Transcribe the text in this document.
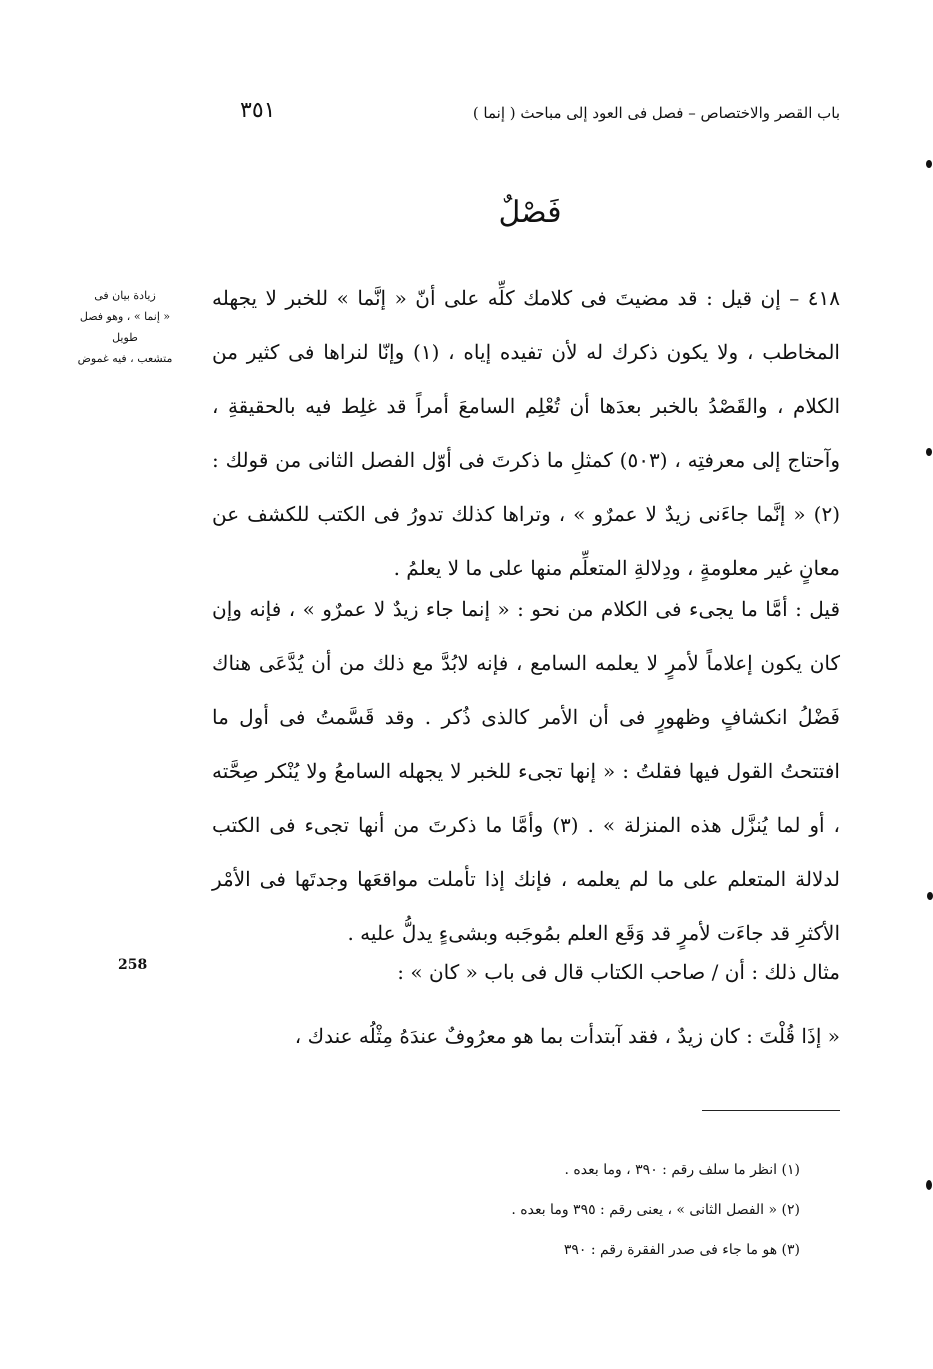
باب القصر والاختصاص – فصل فى العود إلى مباحث ( إنما )
٣٥١
فَصْلٌ
زيادة بيان فى
« إنما » ، وهو فصل طويل
متشعب ، فيه غموض
٤١٨ – إن قيل : قد مضيتَ فى كلامك كلِّه على أنّ « إنَّما » للخبر لا يجهله المخاطب ، ولا يكون ذكرك له لأن تفيده إياه ، (١) وإنّا لنراها فى كثير من الكلام ، والقَصْدُ بالخبر بعدَها أن تُعْلِم السامعَ أمراً قد غلِط فيه بالحقيقةِ ، وآحتاج إلى معرفتِه ، (٥٠٣) كمثلِ ما ذكرتَ فى أوّل الفصل الثانى من قولك : (٢) « إنَّما جاءَنى زيدٌ لا عمرٌو » ، وتراها كذلك تدورُ فى الكتب للكشف عن معانٍ غير معلومةٍ ، ودِلالةِ المتعلِّم منها على ما لا يعلمُ .
قيل : أمَّا ما يجىء فى الكلام من نحو : « إنما جاء زيدٌ لا عمرٌو » ، فإنه وإن كان يكون إعلاماً لأمرٍ لا يعلمه السامع ، فإنه لابُدَّ مع ذلك من أن يُدَّعَى هناك فَضْلُ انكشافٍ وظهورٍ فى أن الأمر كالذى ذُكر . وقد قَسَّمتُ فى أول ما افتتحتُ القول فيها فقلتُ : « إنها تجىء للخبر لا يجهله السامعُ ولا يُنْكر صِحَّته ، أو لما يُنزَّل هذه المنزلة » . (٣) وأمَّا ما ذكرتَ من أنها تجىء فى الكتب لدلالة المتعلم على ما لم يعلمه ، فإنك إذا تأملت مواقعَها وجدتَها فى الأمْر الأكثرِ قد جاءَت لأمرٍ قد وَقَع العلم بمُوجَبه وبشىءٍ يدلُّ عليه .
مثال ذلك : أن / صاحب الكتاب قال فى باب « كان » :
« إذَا قُلْتَ : كان زيدٌ ، فقد آبتدأت بما هو معرُوفٌ عندَهُ مِثْلُه عندك ،
258
(١) انظر ما سلف رقم : ٣٩٠ ، وما بعده .
(٢) « الفصل الثانى » ، يعنى رقم : ٣٩٥ وما بعده .
(٣) هو ما جاء فى صدر الفقرة رقم : ٣٩٠
